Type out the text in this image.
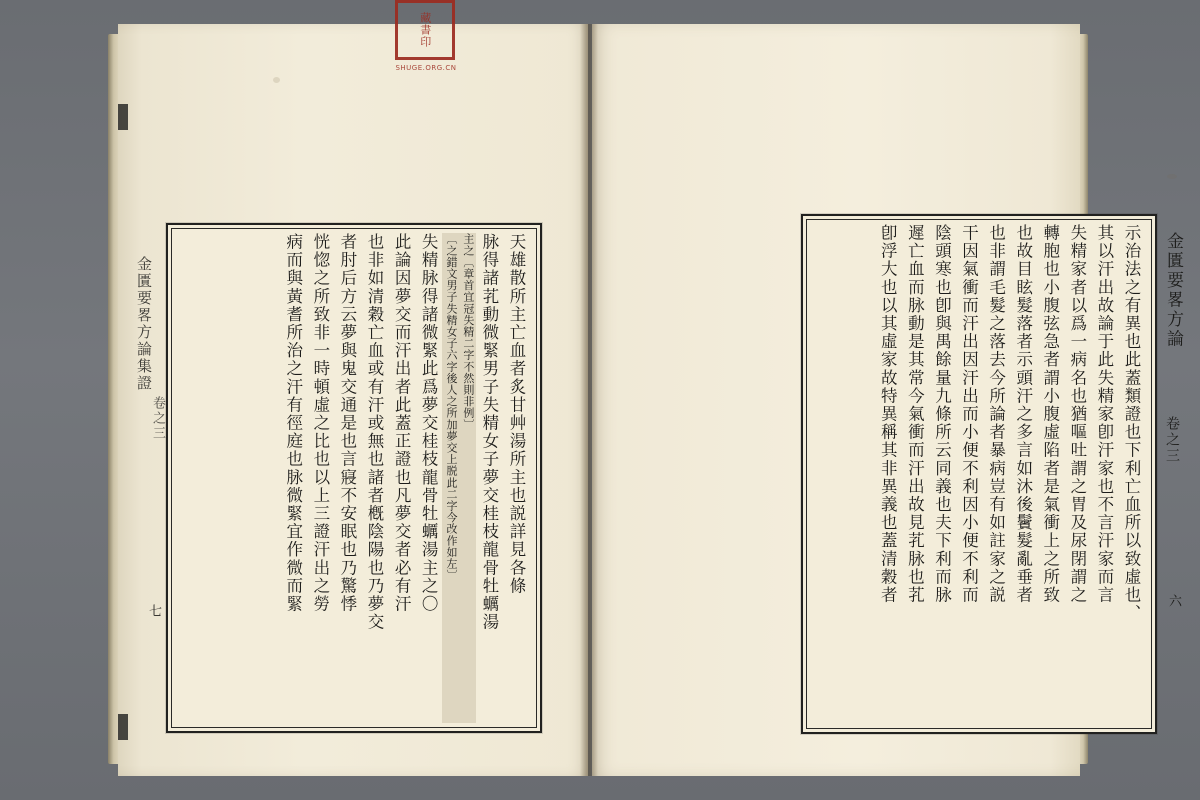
金匱要畧方論集證
卷之三
七
天雄散所主亡血者炙甘艸湯所主也説詳見各條
脉得諸芤動微緊男子失精女子夢交桂枝龍骨牡蠣湯
主之〔章首宜冠失精二字不然則非例〕
〔之錯文男子失精女子六字後人之所加夢交上脱此二字今改作如左〕
失精脉得諸微緊此爲夢交桂枝龍骨牡蠣湯主之〇
此論因夢交而汗出者此蓋正證也凡夢交者必有汗
也非如清穀亡血或有汗或無也諸者槪陰陽也乃夢交
者肘后方云夢與鬼交通是也言寢不安眠也乃驚悸
恍惚之所致非一時頓虛之比也以上三證汗出之勞
病而與黃耆所治之汗有徑庭也脉微緊宜作微而緊	示治法之有異也此蓋類證也下利亡血所以致虛也、
其以汗出故論于此失精家卽汗家也不言汗家而言
失精家者以爲一病名也猶嘔吐謂之胃及尿閉謂之
轉胞也小腹弦急者謂小腹虛陷者是氣衝上之所致
也故目眩髮落者示頭汗之多言如沐後鬢髮亂垂者
也非謂毛髮之落去今所論者暴病豈有如註家之説
干因氣衝而汗出因汗出而小便不利因小便不利而
陰頭寒也卽與禺餘量九條所云同義也夫下利而脉
遲亡血而脉動是其常今氣衝而汗出故見芤脉也芤
卽浮大也以其虛家故特異稱其非異義也蓋清穀者	金匱要畧方論
卷之三
六
藏書印
SHUGE.ORG.CN
